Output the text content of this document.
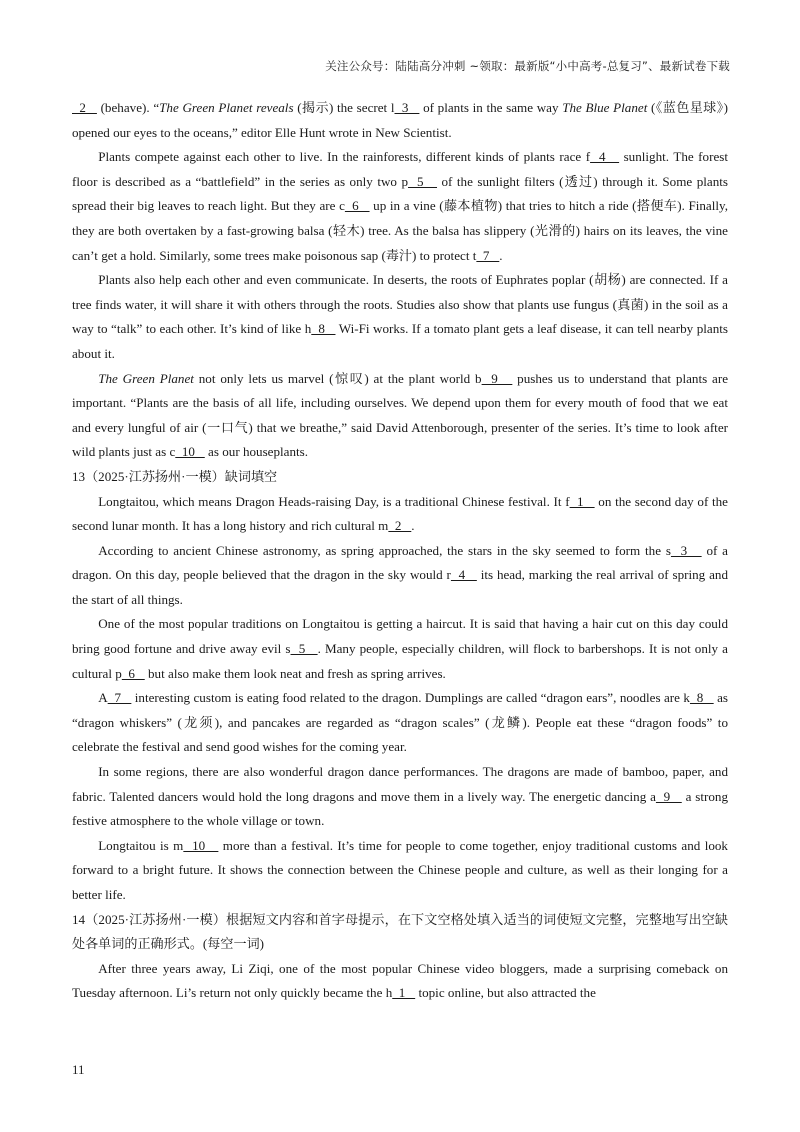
关注公众号：陆陆高分冲刺 ~领取：最新版“小中高考-总复习”、最新试卷下载

2    (behave). “The Green Planet reveals (揭示) the secret l  3    of plants in the same way The Blue Planet (《蓝色星球》) opened our eyes to the oceans,” editor Elle Hunt wrote in New Scientist.

Plants compete against each other to live. In the rainforests, different kinds of plants race f  4    sunlight. The forest floor is described as a “battlefield” in the series as only two p  5    of the sunlight filters (透过) through it. Some plants spread their big leaves to reach light. But they are c  6    up in a vine (藤本植物) that tries to hitch a ride (搭便车). Finally, they are both overtaken by a fast-growing balsa (轻木) tree. As the balsa has slippery (光滑的) hairs on its leaves, the vine can’t get a hold. Similarly, some trees make poisonous sap (毒汁) to protect t  7   .

Plants also help each other and even communicate. In deserts, the roots of Euphrates poplar (胡杨) are connected. If a tree finds water, it will share it with others through the roots. Studies also show that plants use fungus (真菌) in the soil as a way to “talk” to each other. It’s kind of like h  8    Wi-Fi works. If a tomato plant gets a leaf disease, it can tell nearby plants about it.

The Green Planet not only lets us marvel (惊叹) at the plant world b  9    pushes us to understand that plants are important. “Plants are the basis of all life, including ourselves. We depend upon them for every mouth of food that we eat and every lungful of air (一口气) that we breathe,” said David Attenborough, presenter of the series. It’s time to look after wild plants just as c  10    as our houseplants.

13（2025·江苏扬州·一模）缺词填空

Longtaitou, which means Dragon Heads-raising Day, is a traditional Chinese festival. It f  1    on the second day of the second lunar month. It has a long history and rich cultural m  2   .

According to ancient Chinese astronomy, as spring approached, the stars in the sky seemed to form the s  3    of a dragon. On this day, people believed that the dragon in the sky would r  4    its head, marking the real arrival of spring and the start of all things.

One of the most popular traditions on Longtaitou is getting a haircut. It is said that having a hair cut on this day could bring good fortune and drive away evil s  5   . Many people, especially children, will flock to barbershops. It is not only a cultural p  6    but also make them look neat and fresh as spring arrives.

A  7    interesting custom is eating food related to the dragon. Dumplings are called “dragon ears”, noodles are k  8    as “dragon whiskers” (龙须), and pancakes are regarded as “dragon scales” (龙鳞). People eat these “dragon foods” to celebrate the festival and send good wishes for the coming year.

In some regions, there are also wonderful dragon dance performances. The dragons are made of bamboo, paper, and fabric. Talented dancers would hold the long dragons and move them in a lively way. The energetic dancing a  9    a strong festive atmosphere to the whole village or town.

Longtaitou is m  10    more than a festival. It’s time for people to come together, enjoy traditional customs and look forward to a bright future. It shows the connection between the Chinese people and culture, as well as their longing for a better life.

14（2025·江苏扬州·一模）根据短文内容和首字母提示，在下文空格处填入适当的词使短文完整，完整地写出空缺处各单词的正确形式。(每空一词)

After three years away, Li Ziqi, one of the most popular Chinese video bloggers, made a surprising comeback on Tuesday afternoon. Li’s return not only quickly became the h  1    topic online, but also attracted the

11
